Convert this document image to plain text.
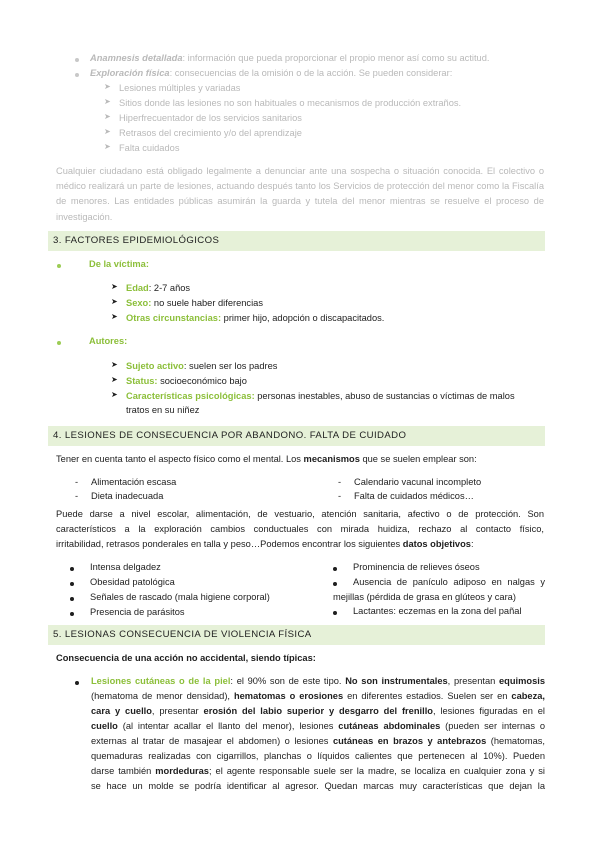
Anamnesis detallada: información que pueda proporcionar el propio menor así como su actitud.
Exploración física: consecuencias de la omisión o de la acción. Se pueden considerar:
➤ Lesiones múltiples y variadas
➤ Sitios donde las lesiones no son habituales o mecanismos de producción extraños.
➤ Hiperfrecuentador de los servicios sanitarios
➤ Retrasos del crecimiento y/o del aprendizaje
➤ Falta cuidados
Cualquier ciudadano está obligado legalmente a denunciar ante una sospecha o situación conocida. El colectivo o médico realizará un parte de lesiones, actuando después tanto los Servicios de protección del menor como la Fiscalía de menores. Las entidades públicas asumirán la guarda y tutela del menor mientras se resuelve el proceso de investigación.
3. FACTORES EPIDEMIOLÓGICOS
De la víctima:
➤ Edad: 2-7 años
➤ Sexo: no suele haber diferencias
➤ Otras circunstancias: primer hijo, adopción o discapacitados.
Autores:
➤ Sujeto activo: suelen ser los padres
➤ Status: socioeconómico bajo
➤ Características psicológicas: personas inestables, abuso de sustancias o víctimas de malos
tratos en su niñez
4. LESIONES DE CONSECUENCIA POR ABANDONO. FALTA DE CUIDADO
Tener en cuenta tanto el aspecto físico como el mental. Los mecanismos que se suelen emplear son:
- Alimentación escasa
- Dieta inadecuada
- Calendario vacunal incompleto
- Falta de cuidados médicos…
Puede darse a nivel escolar, alimentación, de vestuario, atención sanitaria, afectivo o de protección. Son
característicos a la exploración cambios conductuales con mirada huidiza, rechazo al contacto físico,
irritabilidad, retrasos ponderales en talla y peso…Podemos encontrar los siguientes datos objetivos:
Intensa delgadez
Obesidad patológica
Señales de rascado (mala higiene corporal)
Presencia de parásitos
Prominencia de relieves óseos
Ausencia de panículo adiposo en nalgas y
mejillas (pérdida de grasa en glúteos y cara)
Lactantes: eczemas en la zona del pañal
5. LESIONAS CONSECUENCIA DE VIOLENCIA FÍSICA
Consecuencia de una acción no accidental, siendo típicas:
Lesiones cutáneas o de la piel: el 90% son de este tipo. No son instrumentales, presentan equimosis
(hematoma de menor densidad), hematomas o erosiones en diferentes estadios. Suelen ser en cabeza,
cara y cuello, presentar erosión del labio superior y desgarro del frenillo, lesiones figuradas en el
cuello (al intentar acallar el llanto del menor), lesiones cutáneas abdominales (pueden ser internas o
externas al tratar de masajear el abdomen) o lesiones cutáneas en brazos y antebrazos (hematomas,
quemaduras realizadas con cigarrillos, planchas o líquidos calientes que pertenecen al 10%). Pueden
darse también mordeduras; el agente responsable suele ser la madre, se localiza en cualquier zona y si
se hace un molde se podría identificar al agresor. Quedan marcas muy características que dejan la
